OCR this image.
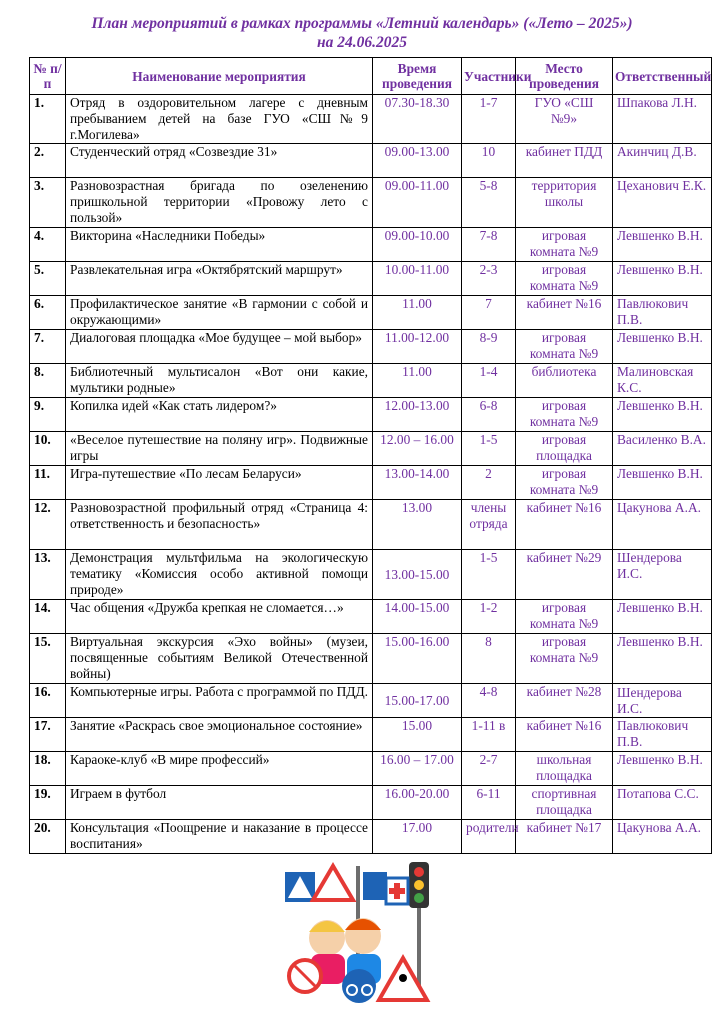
План мероприятий в рамках программы «Летний календарь» («Лето – 2025»)
на 24.06.2025
№ п/п	Наименование мероприятия	Время проведения	Участники	Место проведения	Ответственный
1.	Отряд в оздоровительном лагере с дневным пребыванием детей на базе ГУО «СШ№9 г.Могилева»	07.30-18.30	1-7	ГУО «СШ №9»	Шпакова Л.Н.
2.	Студенческий отряд «Созвездие 31»	09.00-13.00	10	кабинет ПДД	Акинчиц Д.В.
3.	Разновозрастная бригада по озеленению пришкольной территории «Провожу лето с пользой»	09.00-11.00	5-8	территория школы	Цеханович Е.К.
4.	Викторина «Наследники Победы»	09.00-10.00	7-8	игровая комната №9	Левшенко В.Н.
5.	Развлекательная игра «Октябрятский маршрут»	10.00-11.00	2-3	игровая комната №9	Левшенко В.Н.
6.	Профилактическое занятие «В гармонии с собой и окружающими»	11.00	7	кабинет №16	Павлюкович П.В.
7.	Диалоговая площадка «Мое будущее – мой выбор»	11.00-12.00	8-9	игровая комната №9	Левшенко В.Н.
8.	Библиотечный мультисалон «Вот они какие, мультики родные»	11.00	1-4	библиотека	Малиновская К.С.
9.	Копилка идей «Как стать лидером?»	12.00-13.00	6-8	игровая комната №9	Левшенко В.Н.
10.	«Веселое путешествие на поляну игр». Подвижные игры	12.00 – 16.00	1-5	игровая площадка	Василенко В.А.
11.	Игра-путешествие «По лесам Беларуси»	13.00-14.00	2	игровая комната №9	Левшенко В.Н.
12.	Разновозрастной профильный отряд «Страница 4: ответственность и безопасность»	13.00	члены отряда	кабинет №16	Цакунова А.А.
13.	Демонстрация мультфильма на экологическую тематику «Комиссия особо активной помощи природе»	13.00-15.00	1-5	кабинет №29	Шендерова И.С.
14.	Час общения «Дружба крепкая не сломается…»	14.00-15.00	1-2	игровая комната №9	Левшенко В.Н.
15.	Виртуальная экскурсия «Эхо войны» (музеи, посвященные событиям Великой Отечественной войны)	15.00-16.00	8	игровая комната №9	Левшенко В.Н.
16.	Компьютерные игры. Работа с программой по ПДД.	15.00-17.00	4-8	кабинет №28	Шендерова И.С.
17.	Занятие «Раскрась свое эмоциональное состояние»	15.00	1-11 в	кабинет №16	Павлюкович П.В.
18.	Караоке-клуб «В мире профессий»	16.00 – 17.00	2-7	школьная площадка	Левшенко В.Н.
19.	Играем в футбол	16.00-20.00	6-11	спортивная площадка	Потапова С.С.
20.	Консультация «Поощрение и наказание в процессе воспитания»	17.00	родители	кабинет №17	Цакунова А.А.
